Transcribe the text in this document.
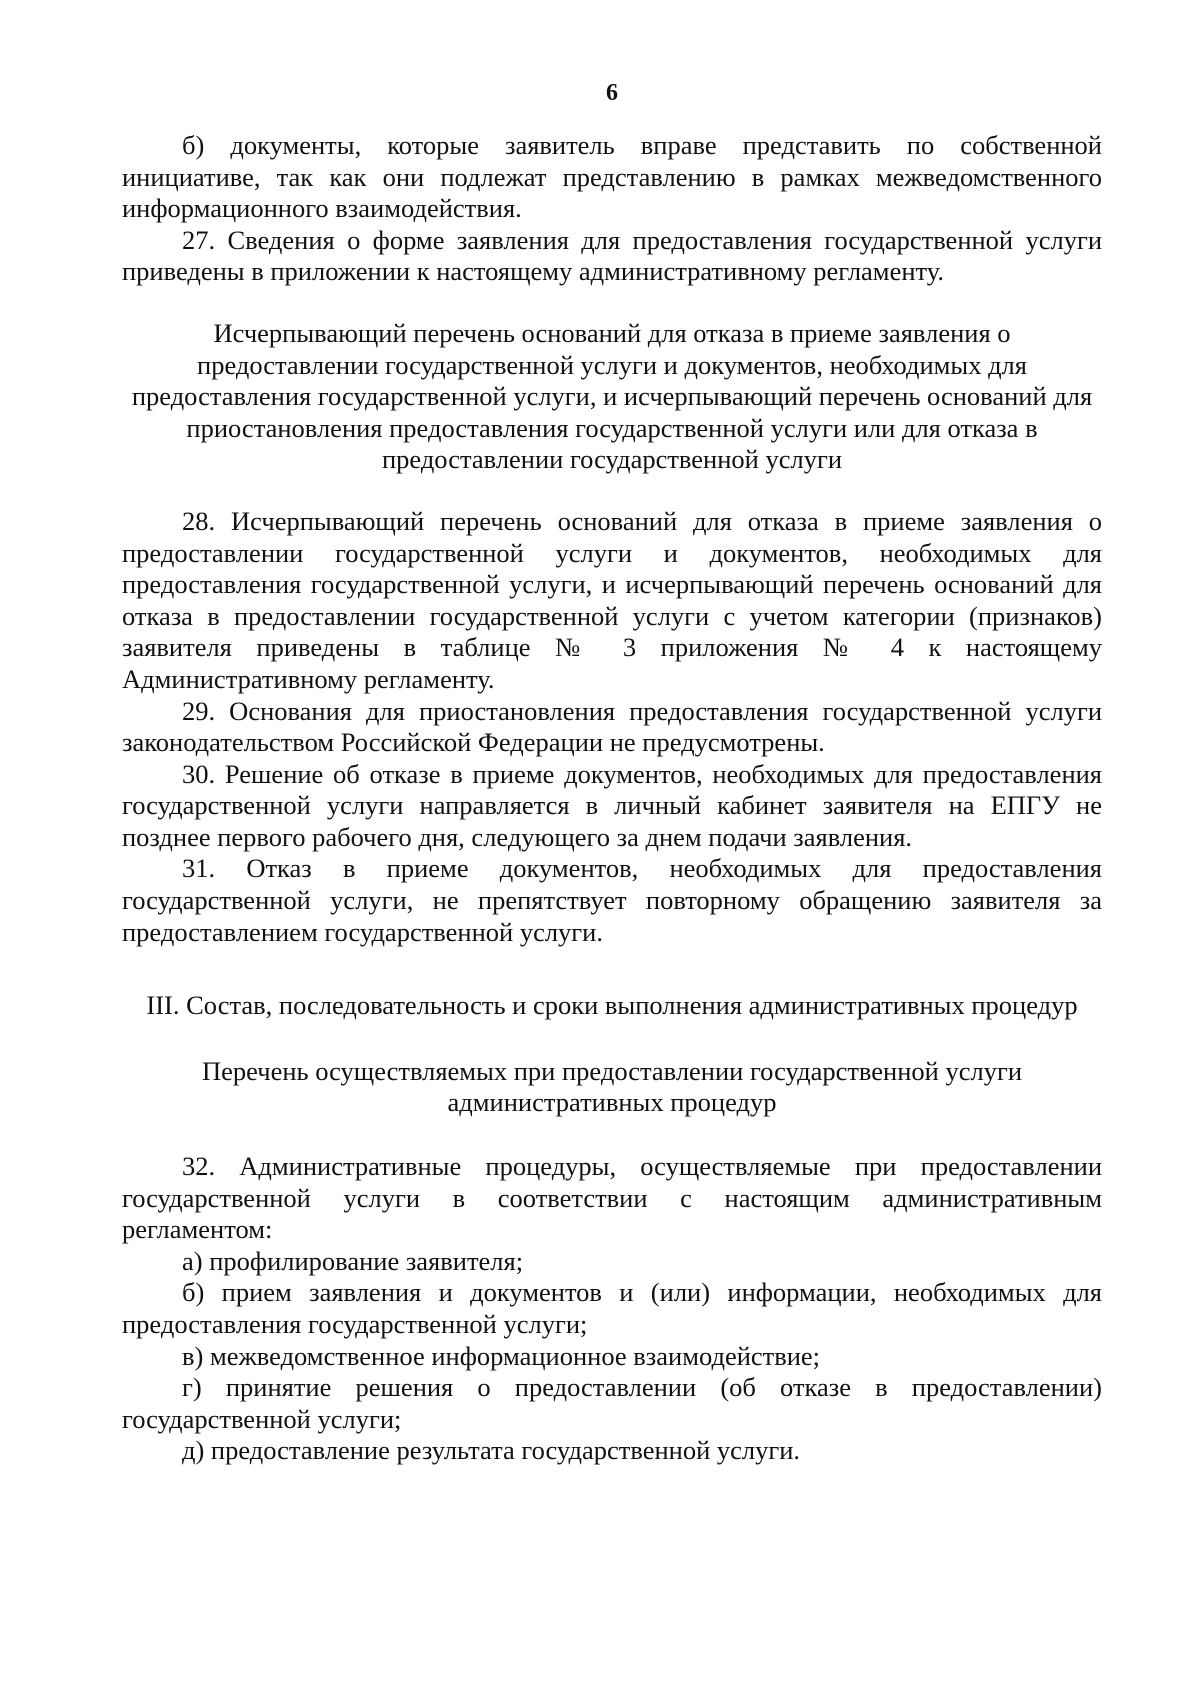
6

б) документы, которые заявитель вправе представить по собственной инициативе, так как они подлежат представлению в рамках межведомственного информационного взаимодействия.

27. Сведения о форме заявления для предоставления государственной услуги приведены в приложении к настоящему административному регламенту.

Исчерпывающий перечень оснований для отказа в приеме заявления о предоставлении государственной услуги и документов, необходимых для предоставления государственной услуги, и исчерпывающий перечень оснований для приостановления предоставления государственной услуги или для отказа в предоставлении государственной услуги

28. Исчерпывающий перечень оснований для отказа в приеме заявления о предоставлении государственной услуги и документов, необходимых для предоставления государственной услуги, и исчерпывающий перечень оснований для отказа в предоставлении государственной услуги с учетом категории (признаков) заявителя приведены в таблице № 3 приложения № 4 к настоящему Административному регламенту.

29. Основания для приостановления предоставления государственной услуги законодательством Российской Федерации не предусмотрены.

30. Решение об отказе в приеме документов, необходимых для предоставления государственной услуги направляется в личный кабинет заявителя на ЕПГУ не позднее первого рабочего дня, следующего за днем подачи заявления.

31. Отказ в приеме документов, необходимых для предоставления государственной услуги, не препятствует повторному обращению заявителя за предоставлением государственной услуги.

III. Состав, последовательность и сроки выполнения административных процедур

Перечень осуществляемых при предоставлении государственной услуги административных процедур

32. Административные процедуры, осуществляемые при предоставлении государственной услуги в соответствии с настоящим административным регламентом:

а) профилирование заявителя;

б) прием заявления и документов и (или) информации, необходимых для предоставления государственной услуги;

в) межведомственное информационное взаимодействие;

г) принятие решения о предоставлении (об отказе в предоставлении) государственной услуги;

д) предоставление результата государственной услуги.
